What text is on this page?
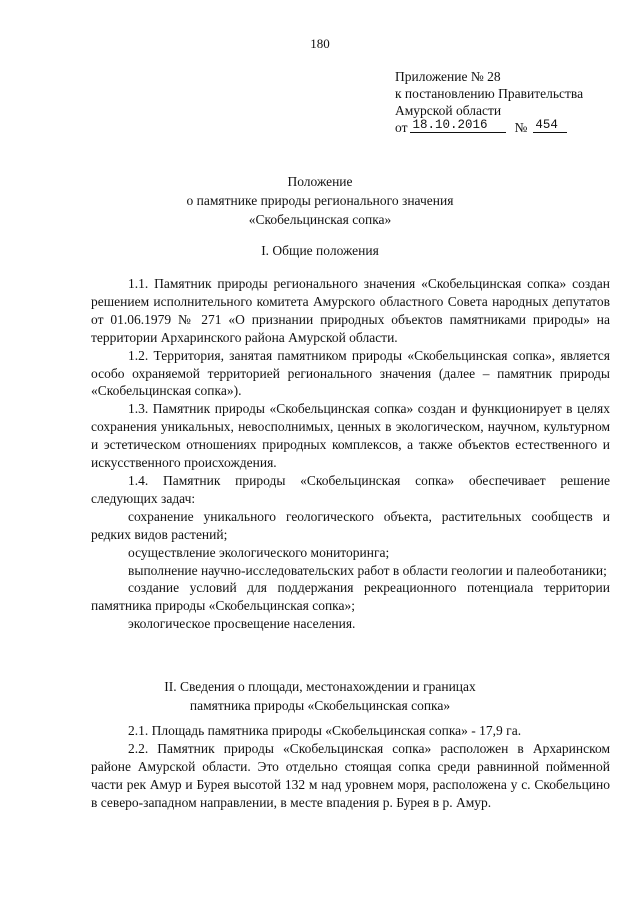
180
Приложение № 28
к постановлению Правительства
Амурской области
от 18.10.2016	№ 454
Положение
о памятнике природы регионального значения
«Скобельцинская сопка»
I. Общие положения

1.1. Памятник природы регионального значения «Скобельцинская сопка» создан решением исполнительного комитета Амурского областного Совета народных депутатов от 01.06.1979 № 271 «О признании природных объектов памятниками природы» на территории Архаринского района Амурской области.

1.2. Территория, занятая памятником природы «Скобельцинская сопка», является особо охраняемой территорией регионального значения (далее – памятник природы «Скобельцинская сопка»).

1.3. Памятник природы «Скобельцинская сопка» создан и функционирует в целях сохранения уникальных, невосполнимых, ценных в экологическом, научном, культурном и эстетическом отношениях природных комплексов, а также объектов естественного и искусственного происхождения.

1.4. Памятник природы «Скобельцинская сопка» обеспечивает решение следующих задач:

сохранение уникального геологического объекта, растительных сообществ и редких видов растений;

осуществление экологического мониторинга;

выполнение научно-исследовательских работ в области геологии и палеоботаники;

создание условий для поддержания рекреационного потенциала территории памятника природы «Скобельцинская сопка»;

экологическое просвещение населения.

II. Сведения о площади, местонахождении и границах
памятника природы «Скобельцинская сопка»

2.1. Площадь памятника природы «Скобельцинская сопка» - 17,9 га.

2.2. Памятник природы «Скобельцинская сопка» расположен в Архаринском районе Амурской области. Это отдельно стоящая сопка среди равнинной пойменной части рек Амур и Бурея высотой 132 м над уровнем моря, расположена у с. Скобельцино в северо-западном направлении, в месте впадения р. Бурея в р. Амур.
